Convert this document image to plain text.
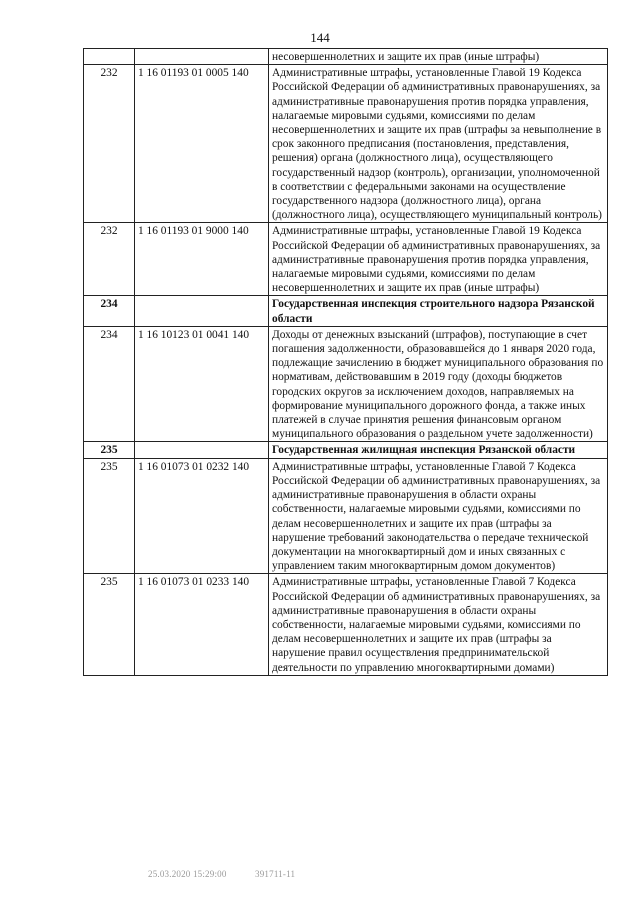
144
		несовершеннолетних и защите их прав (иные штрафы)
232	1 16 01193 01 0005 140	Административные штрафы, установленные Главой 19 Кодекса Российской Федерации об административных правонарушениях, за административные правонарушения против порядка управления, налагаемые мировыми судьями, комиссиями по делам несовершеннолетних и защите их прав (штрафы за невыполнение в срок законного предписания (постановления, представления, решения) органа (должностного лица), осуществляющего государственный надзор (контроль), организации, уполномоченной в соответствии с федеральными законами на осуществление государственного надзора (должностного лица), органа (должностного лица), осуществляющего муниципальный контроль)
232	1 16 01193 01 9000 140	Административные штрафы, установленные Главой 19 Кодекса Российской Федерации об административных правонарушениях, за административные правонарушения против порядка управления, налагаемые мировыми судьями, комиссиями по делам несовершеннолетних и защите их прав (иные штрафы)
234		Государственная инспекция строительного надзора Рязанской области
234	1 16 10123 01 0041 140	Доходы от денежных взысканий (штрафов), поступающие в счет погашения задолженности, образовавшейся до 1 января 2020 года, подлежащие зачислению в бюджет муниципального образования по нормативам, действовавшим в 2019 году (доходы бюджетов городских округов за исключением доходов, направляемых на формирование муниципального дорожного фонда, а также иных платежей в случае принятия решения финансовым органом муниципального образования о раздельном учете задолженности)
235		Государственная жилищная инспекция Рязанской области
235	1 16 01073 01 0232 140	Административные штрафы, установленные Главой 7 Кодекса Российской Федерации об административных правонарушениях, за административные правонарушения в области охраны собственности, налагаемые мировыми судьями, комиссиями по делам несовершеннолетних и защите их прав (штрафы за нарушение требований законодательства о передаче технической документации на многоквартирный дом и иных связанных с управлением таким многоквартирным домом документов)
235	1 16 01073 01 0233 140	Административные штрафы, установленные Главой 7 Кодекса Российской Федерации об административных правонарушениях, за административные правонарушения в области охраны собственности, налагаемые мировыми судьями, комиссиями по делам несовершеннолетних и защите их прав (штрафы за нарушение правил осуществления предпринимательской деятельности по управлению многоквартирными домами)
25.03.2020 15:29:00	391711-11
